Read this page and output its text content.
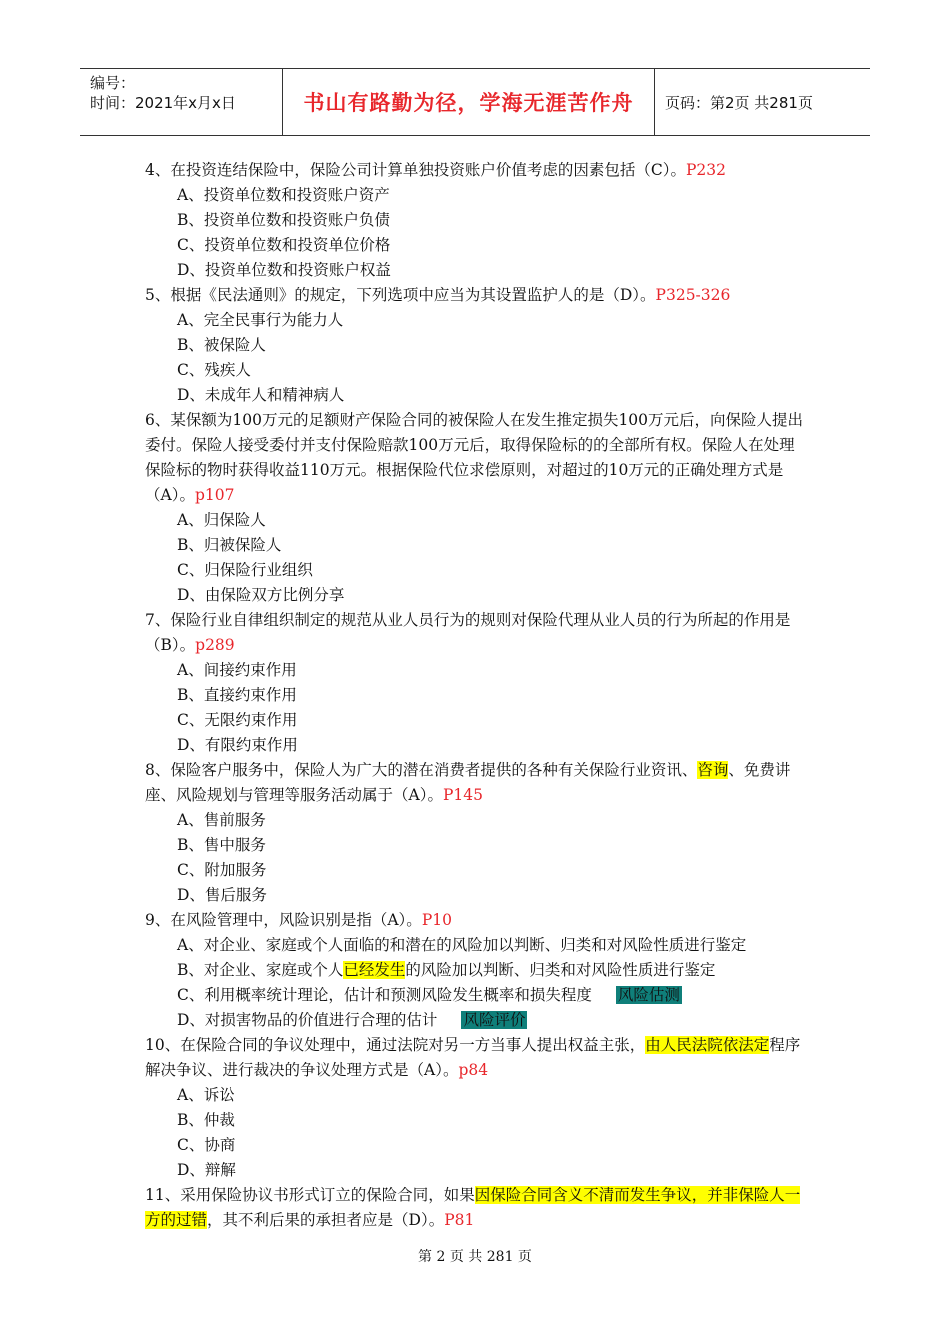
编号：
时间：2021年x月x日	书山有路勤为径，学海无涯苦作舟 页码：第2页 共281页

4、在投资连结保险中，保险公司计算单独投资账户价值考虑的因素包括（C）。P232

A、投资单位数和投资账户资产

B、投资单位数和投资账户负债

C、投资单位数和投资单位价格

D、投资单位数和投资账户权益

5、根据《民法通则》的规定，下列选项中应当为其设置监护人的是（D）。P325-326

A、完全民事行为能力人

B、被保险人

C、残疾人

D、未成年人和精神病人

6、某保额为100万元的足额财产保险合同的被保险人在发生推定损失100万元后，向保险人提出委付。保险人接受委付并支付保险赔款100万元后，取得保险标的的全部所有权。保险人在处理保险标的物时获得收益110万元。根据保险代位求偿原则，对超过的10万元的正确处理方式是（A）。p107

A、归保险人

B、归被保险人

C、归保险行业组织

D、由保险双方比例分享

7、保险行业自律组织制定的规范从业人员行为的规则对保险代理从业人员的行为所起的作用是（B）。p289

A、间接约束作用

B、直接约束作用

C、无限约束作用

D、有限约束作用

8、保险客户服务中，保险人为广大的潜在消费者提供的各种有关保险行业资讯、咨询、免费讲座、风险规划与管理等服务活动属于（A）。P145

A、售前服务

B、售中服务

C、附加服务

D、售后服务

9、在风险管理中，风险识别是指（A）。P10

A、对企业、家庭或个人面临的和潜在的风险加以判断、归类和对风险性质进行鉴定

B、对企业、家庭或个人已经发生的风险加以判断、归类和对风险性质进行鉴定

C、利用概率统计理论，估计和预测风险发生概率和损失程度 风险估测

D、对损害物品的价值进行合理的估计 风险评价

10、在保险合同的争议处理中，通过法院对另一方当事人提出权益主张，由人民法院依法定程序解决争议、进行裁决的争议处理方式是（A）。p84

A、诉讼

B、仲裁

C、协商

D、辩解

11、采用保险协议书形式订立的保险合同，如果因保险合同含义不清而发生争议，并非保险人一方的过错，其不利后果的承担者应是（D）。P81

第 2 页 共 281 页
